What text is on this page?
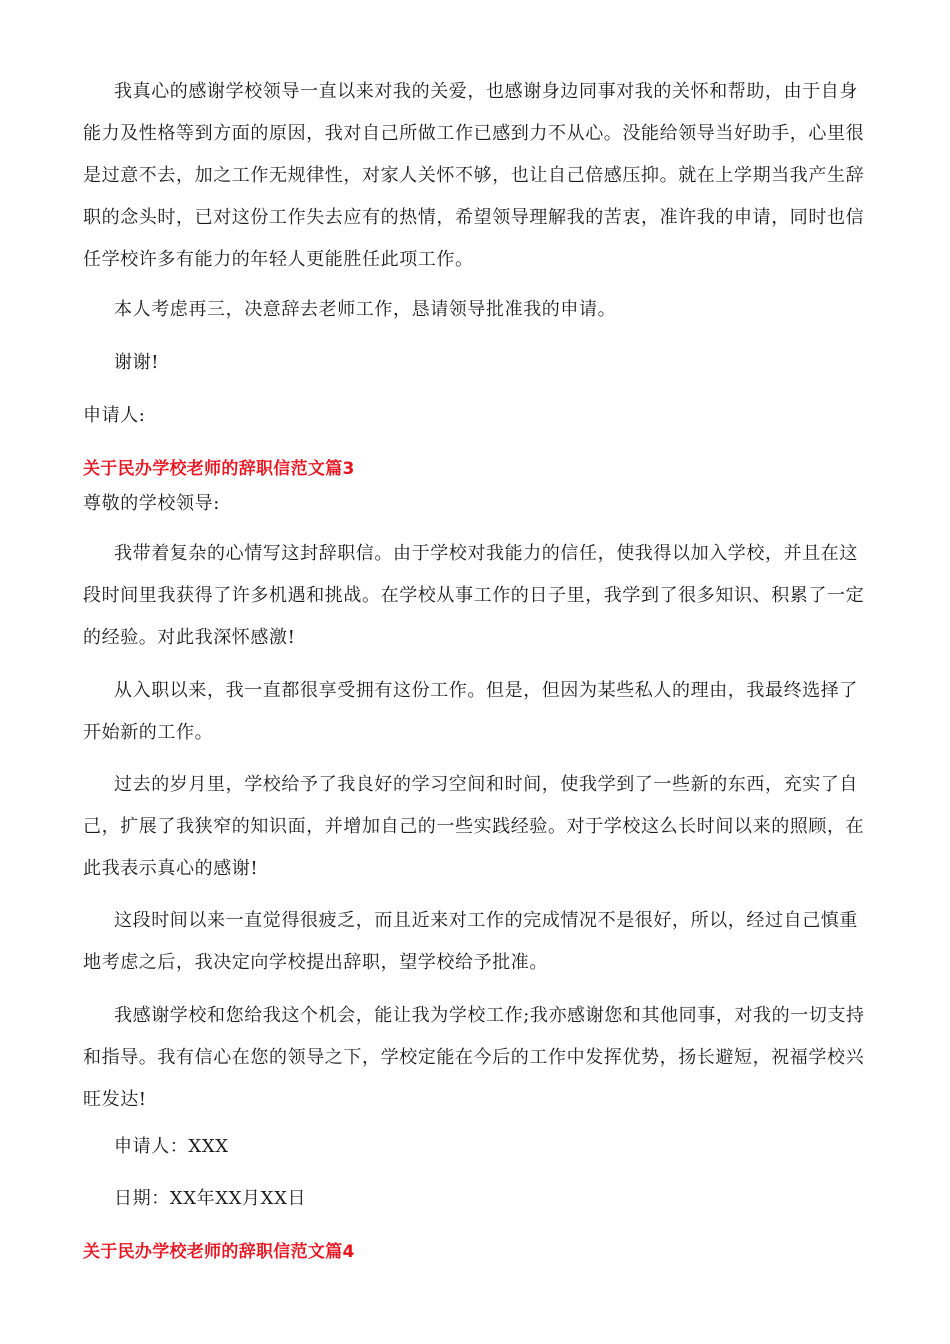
我真心的感谢学校领导一直以来对我的关爱，也感谢身边同事对我的关怀和帮助，由于自身能力及性格等到方面的原因，我对自己所做工作已感到力不从心。没能给领导当好助手，心里很是过意不去，加之工作无规律性，对家人关怀不够，也让自己倍感压抑。就在上学期当我产生辞职的念头时，已对这份工作失去应有的热情，希望领导理解我的苦衷，准许我的申请，同时也信任学校许多有能力的年轻人更能胜任此项工作。

本人考虑再三，决意辞去老师工作，恳请领导批准我的申请。

谢谢!

申请人:

关于民办学校老师的辞职信范文篇3

尊敬的学校领导:

我带着复杂的心情写这封辞职信。由于学校对我能力的信任，使我得以加入学校，并且在这段时间里我获得了许多机遇和挑战。在学校从事工作的日子里，我学到了很多知识、积累了一定的经验。对此我深怀感激!

从入职以来，我一直都很享受拥有这份工作。但是，但因为某些私人的理由，我最终选择了开始新的工作。

过去的岁月里，学校给予了我良好的学习空间和时间，使我学到了一些新的东西，充实了自己，扩展了我狭窄的知识面，并增加自己的一些实践经验。对于学校这么长时间以来的照顾，在此我表示真心的感谢!

这段时间以来一直觉得很疲乏，而且近来对工作的完成情况不是很好，所以，经过自己慎重地考虑之后，我决定向学校提出辞职，望学校给予批准。

我感谢学校和您给我这个机会，能让我为学校工作;我亦感谢您和其他同事，对我的一切支持和指导。我有信心在您的领导之下，学校定能在今后的工作中发挥优势，扬长避短，祝福学校兴旺发达!

申请人：XXX

日期：XX年XX月XX日

关于民办学校老师的辞职信范文篇4
